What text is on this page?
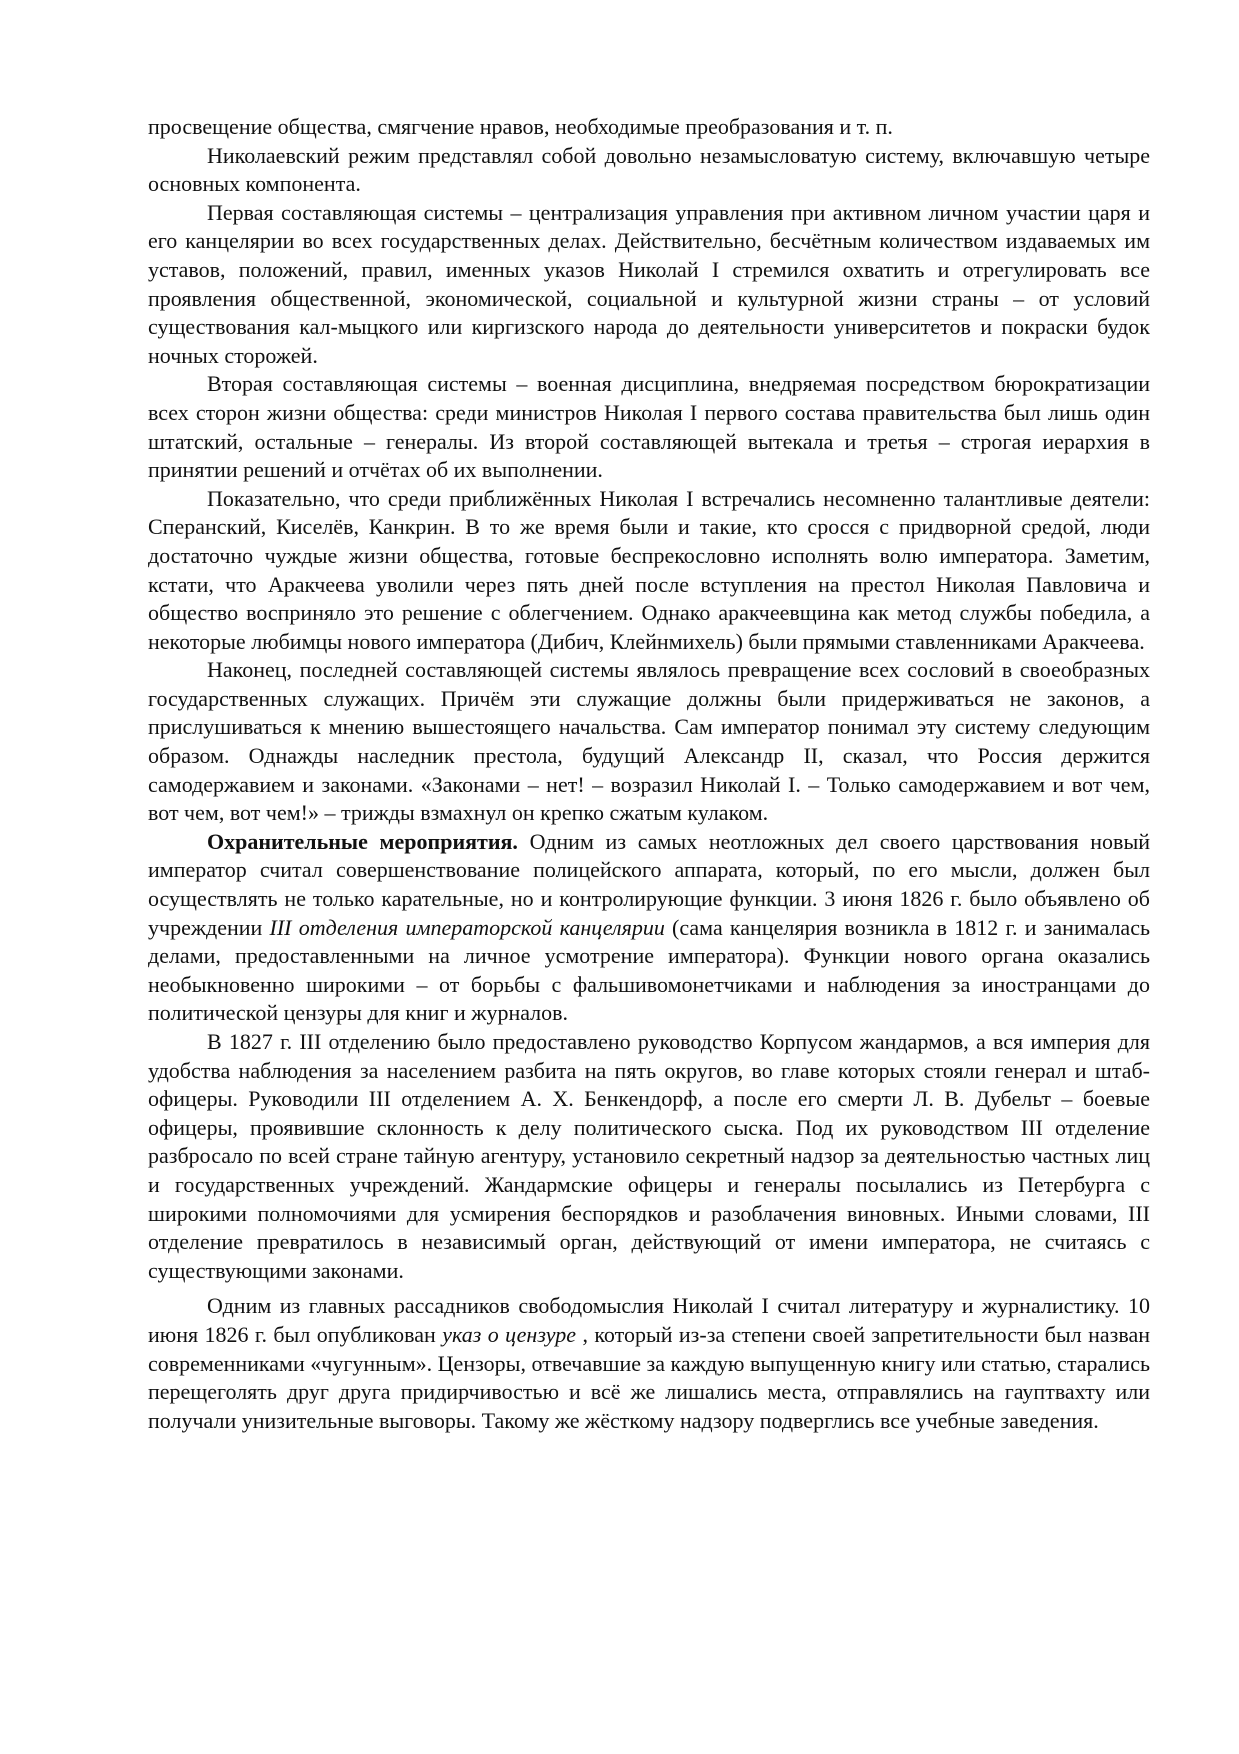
просвещение общества, смягчение нравов, необходимые преобразования и т. п.

Николаевский режим представлял собой довольно незамысловатую систему, включавшую четыре основных компонента.

Первая составляющая системы – централизация управления при активном личном участии царя и его канцелярии во всех государственных делах. Действительно, бесчётным количеством издаваемых им уставов, положений, правил, именных указов Николай I стремился охватить и отрегулировать все проявления общественной, экономической, социальной и культурной жизни страны – от условий существования кал-мыцкого или киргизского народа до деятельности университетов и покраски будок ночных сторожей.

Вторая составляющая системы – военная дисциплина, внедряемая посредством бюрократизации всех сторон жизни общества: среди министров Николая I первого состава правительства был лишь один штатский, остальные – генералы. Из второй составляющей вытекала и третья – строгая иерархия в принятии решений и отчётах об их выполнении.

Показательно, что среди приближённых Николая I встречались несомненно талантливые деятели: Сперанский, Киселёв, Канкрин. В то же время были и такие, кто сросся с придворной средой, люди достаточно чуждые жизни общества, готовые беспрекословно исполнять волю императора. Заметим, кстати, что Аракчеева уволили через пять дней после вступления на престол Николая Павловича и общество восприняло это решение с облегчением. Однако аракчеевщина как метод службы победила, а некоторые любимцы нового императора (Дибич, Клейнмихель) были прямыми ставленниками Аракчеева.

Наконец, последней составляющей системы являлось превращение всех сословий в своеобразных государственных служащих. Причём эти служащие должны были придерживаться не законов, а прислушиваться к мнению вышестоящего начальства. Сам император понимал эту систему следующим образом. Однажды наследник престола, будущий Александр II, сказал, что Россия держится самодержавием и законами. «Законами – нет! – возразил Николай I. – Только самодержавием и вот чем, вот чем, вот чем!» – трижды взмахнул он крепко сжатым кулаком.

Охранительные мероприятия. Одним из самых неотложных дел своего царствования новый император считал совершенствование полицейского аппарата, который, по его мысли, должен был осуществлять не только карательные, но и контролирующие функции. 3 июня 1826 г. было объявлено об учреждении III отделения императорской канцелярии (сама канцелярия возникла в 1812 г. и занималась делами, предоставленными на личное усмотрение императора). Функции нового органа оказались необыкновенно широкими – от борьбы с фальшивомонетчиками и наблюдения за иностранцами до политической цензуры для книг и журналов.

В 1827 г. III отделению было предоставлено руководство Корпусом жандармов, а вся империя для удобства наблюдения за населением разбита на пять округов, во главе которых стояли генерал и штаб-офицеры. Руководили III отделением А. Х. Бенкендорф, а после его смерти Л. В. Дубельт – боевые офицеры, проявившие склонность к делу политического сыска. Под их руководством III отделение разбросало по всей стране тайную агентуру, установило секретный надзор за деятельностью частных лиц и государственных учреждений. Жандармские офицеры и генералы посылались из Петербурга с широкими полномочиями для усмирения беспорядков и разоблачения виновных. Иными словами, III отделение превратилось в независимый орган, действующий от имени императора, не считаясь с существующими законами.

Одним из главных рассадников свободомыслия Николай I считал литературу и журналистику. 10 июня 1826 г. был опубликован указ о цензуре , который из-за степени своей запретительности был назван современниками «чугунным». Цензоры, отвечавшие за каждую выпущенную книгу или статью, старались перещеголять друг друга придирчивостью и всё же лишались места, отправлялись на гауптвахту или получали унизительные выговоры. Такому же жёсткому надзору подверглись все учебные заведения.
